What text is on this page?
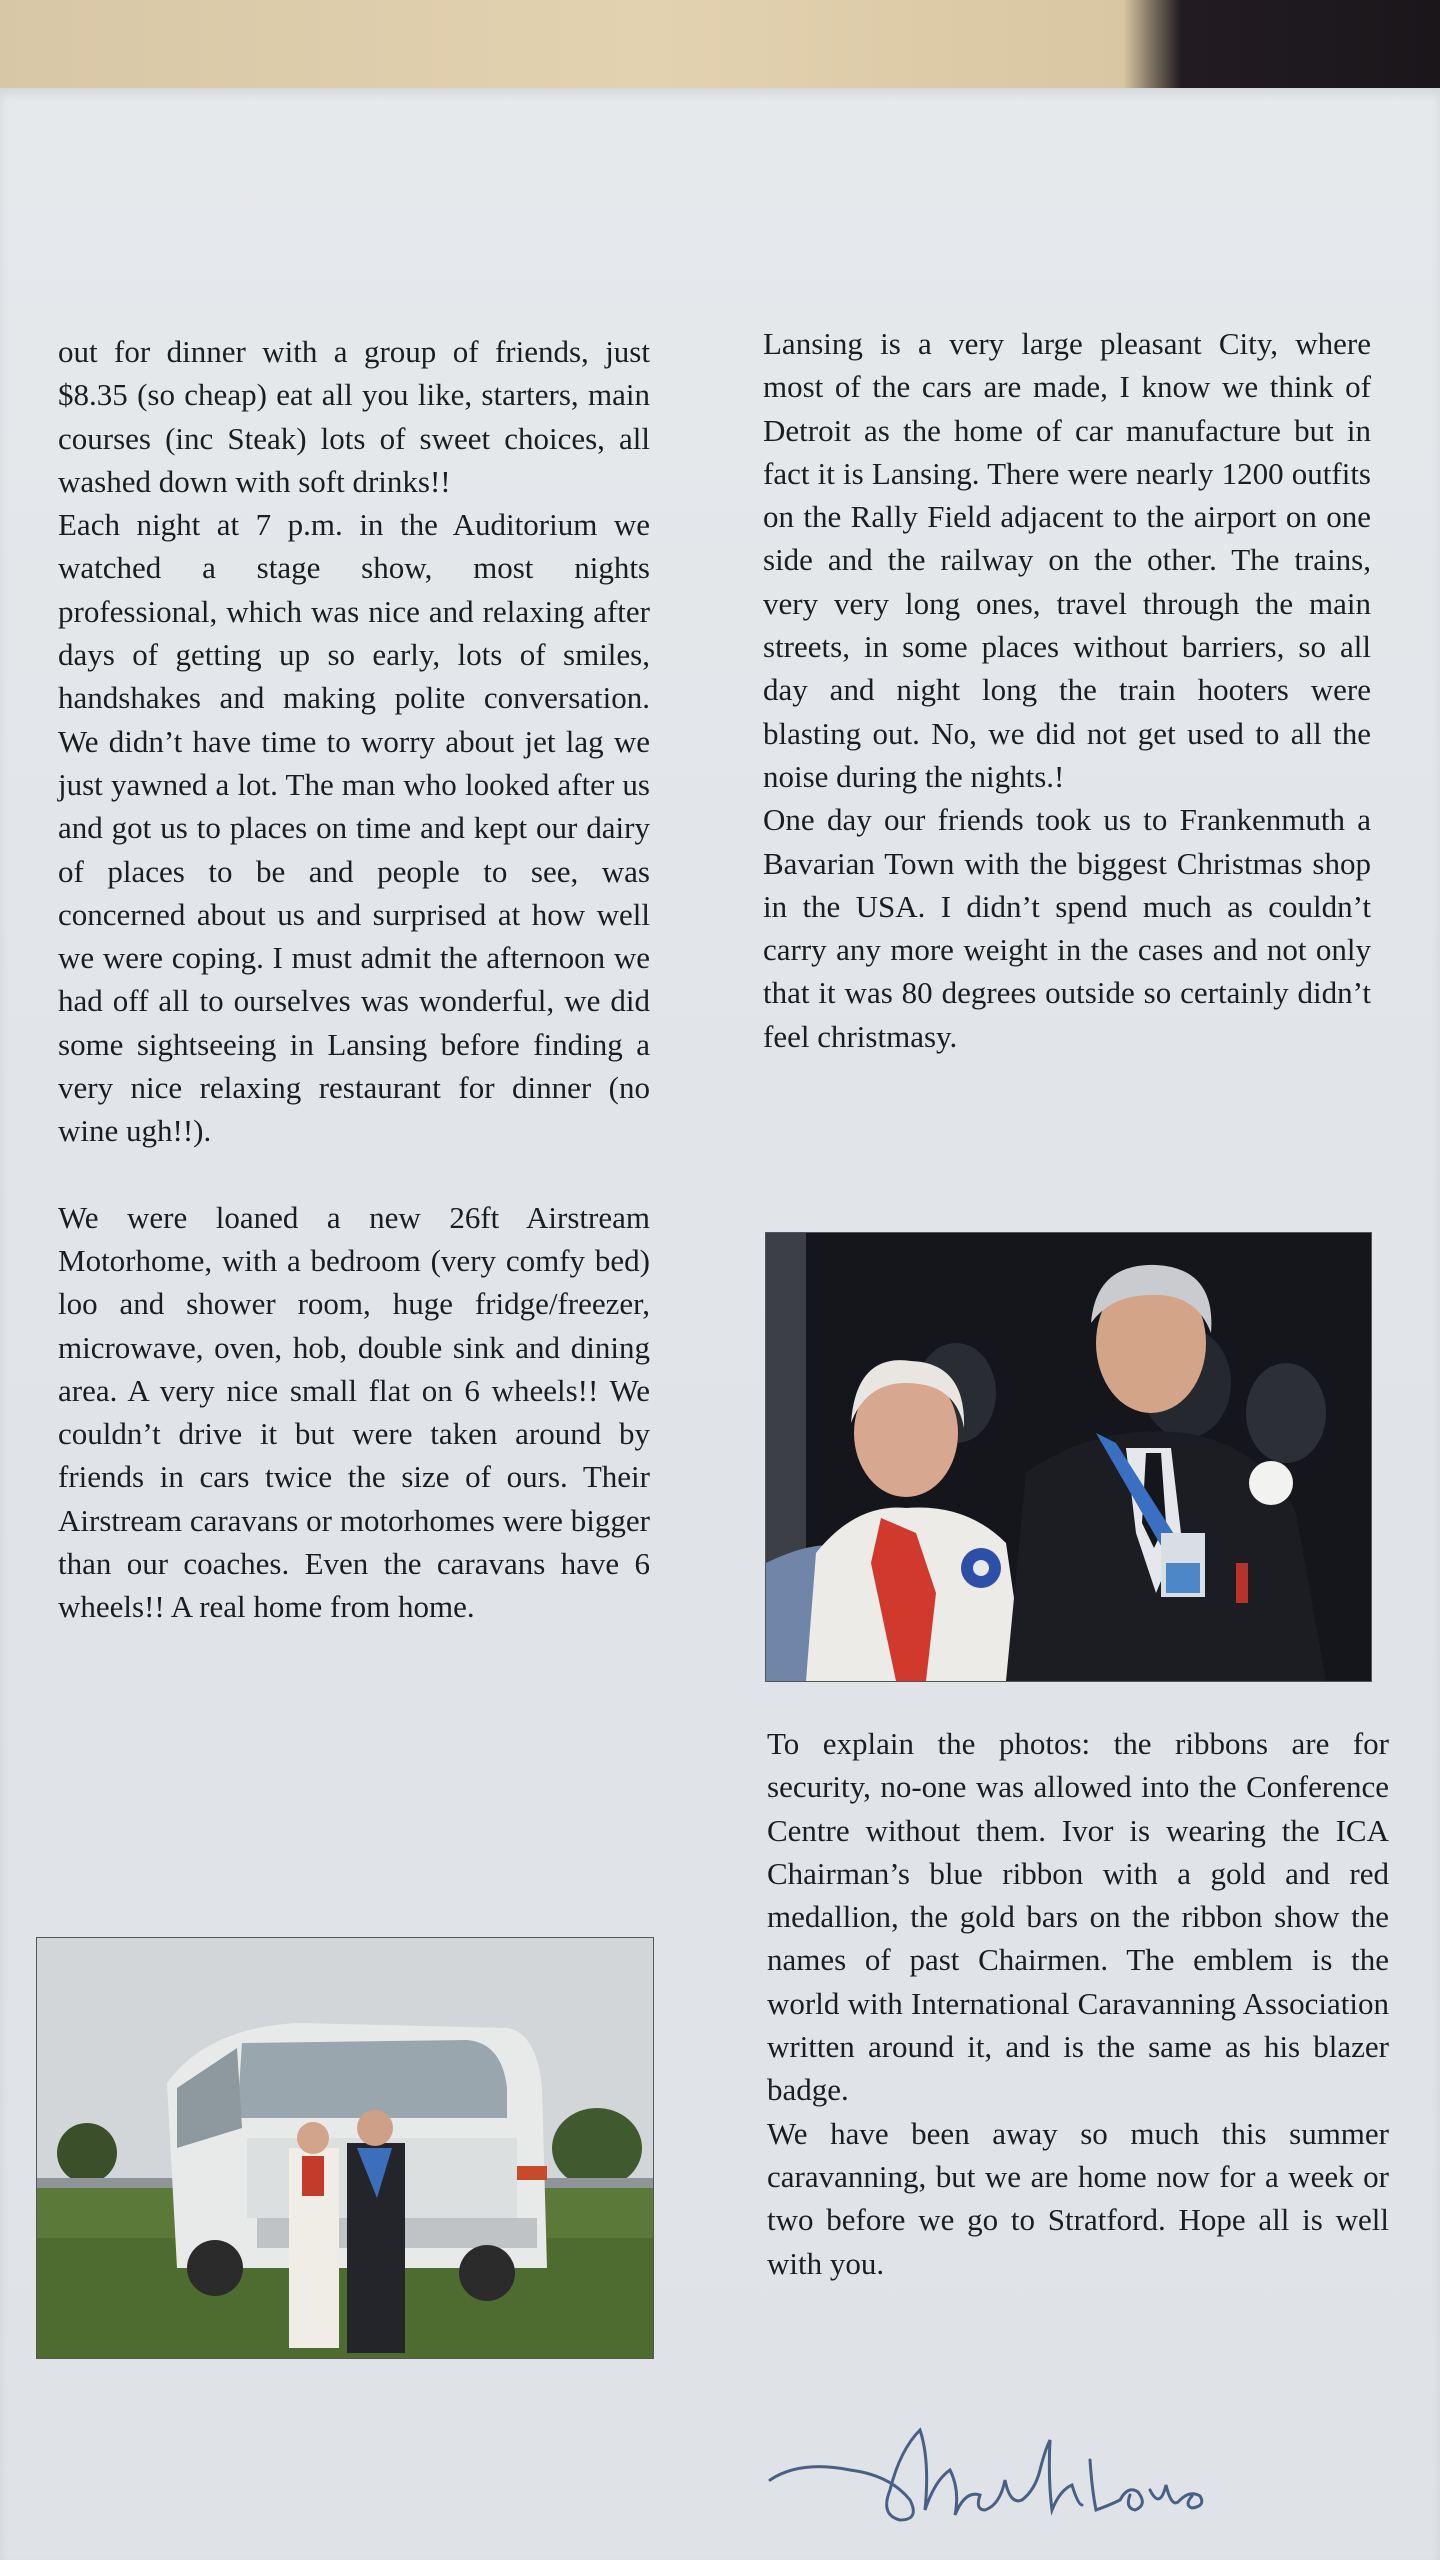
out for dinner with a group of friends, just $8.35 (so cheap) eat all you like, starters, main courses (inc Steak) lots of sweet choices, all washed down with soft drinks!!

Each night at 7 p.m. in the Auditorium we watched a stage show, most nights professional, which was nice and relaxing after days of getting up so early, lots of smiles, handshakes and making polite conversation. We didn’t have time to worry about jet lag we just yawned a lot. The man who looked after us and got us to places on time and kept our dairy of places to be and people to see, was concerned about us and surprised at how well we were coping. I must admit the afternoon we had off all to ourselves was wonderful, we did some sightseeing in Lansing before finding a very nice relaxing restaurant for dinner (no wine ugh!!).

We were loaned a new 26ft Airstream Motorhome, with a bedroom (very comfy bed) loo and shower room, huge fridge/freezer, microwave, oven, hob, double sink and dining area. A very nice small flat on 6 wheels!! We couldn’t drive it but were taken around by friends in cars twice the size of ours. Their Airstream caravans or motorhomes were bigger than our coaches. Even the caravans have 6 wheels!! A real home from home.

Lansing is a very large pleasant City, where most of the cars are made, I know we think of Detroit as the home of car manufacture but in fact it is Lansing. There were nearly 1200 outfits on the Rally Field adjacent to the airport on one side and the railway on the other. The trains, very very long ones, travel through the main streets, in some places without barriers, so all day and night long the train hooters were blasting out. No, we did not get used to all the noise during the nights.!

One day our friends took us to Frankenmuth a Bavarian Town with the biggest Christmas shop in the USA. I didn’t spend much as couldn’t carry any more weight in the cases and not only that it was 80 degrees outside so certainly didn’t feel christmasy.

To explain the photos: the ribbons are for security, no-one was allowed into the Conference Centre without them. Ivor is wearing the ICA Chairman’s blue ribbon with a gold and red medallion, the gold bars on the ribbon show the names of past Chairmen. The emblem is the world with International Caravanning Association written around it, and is the same as his blazer badge.

We have been away so much this summer caravanning, but we are home now for a week or two before we go to Stratford. Hope all is well with you.
